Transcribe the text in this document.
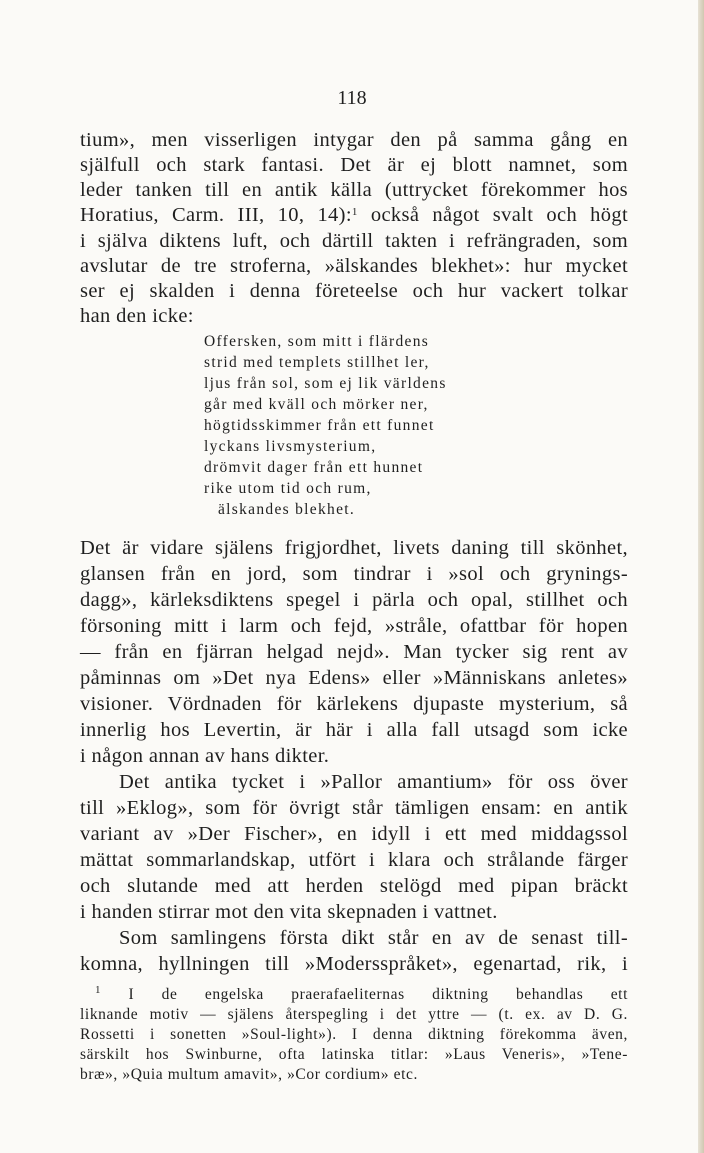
118
tium», men visserligen intygar den på samma gång en
själfull och stark fantasi. Det är ej blott namnet, som
leder tanken till en antik källa (uttrycket förekommer hos
Horatius, Carm. III, 10, 14):$^1$ också något svalt och högt
i själva diktens luft, och därtill takten i refrängraden, som
avslutar de tre stroferna, »älskandes blekhet»: hur mycket
ser ej skalden i denna företeelse och hur vackert tolkar
han den icke:
Offersken, som mitt i flärdens
strid med templets stillhet ler,
ljus från sol, som ej lik världens
går med kväll och mörker ner,
högtidsskimmer från ett funnet
lyckans livsmysterium,
drömvit dager från ett hunnet
rike utom tid och rum,
älskandes blekhet.
Det är vidare själens frigjordhet, livets daning till skönhet,
glansen från en jord, som tindrar i »sol och grynings-
dagg», kärleksdiktens spegel i pärla och opal, stillhet och
försoning mitt i larm och fejd, »stråle, ofattbar för hopen
— från en fjärran helgad nejd». Man tycker sig rent av
påminnas om »Det nya Edens» eller »Människans anletes»
visioner. Vördnaden för kärlekens djupaste mysterium, så
innerlig hos Levertin, är här i alla fall utsagd som icke
i någon annan av hans dikter.
Det antika tycket i »Pallor amantium» för oss över
till »Eklog», som för övrigt står tämligen ensam: en antik
variant av »Der Fischer», en idyll i ett med middagssol
mättat sommarlandskap, utfört i klara och strålande färger
och slutande med att herden stelögd med pipan bräckt
i handen stirrar mot den vita skepnaden i vattnet.
Som samlingens första dikt står en av de senast till-
komna, hyllningen till »Modersspråket», egenartad, rik, i
$^1$ I de engelska praerafaeliternas diktning behandlas ett
liknande motiv — själens återspegling i det yttre — (t. ex. av D. G.
Rossetti i sonetten »Soul-light»). I denna diktning förekomma även,
särskilt hos Swinburne, ofta latinska titlar: »Laus Veneris», »Tene-
bræ», »Quia multum amavit», »Cor cordium» etc.
